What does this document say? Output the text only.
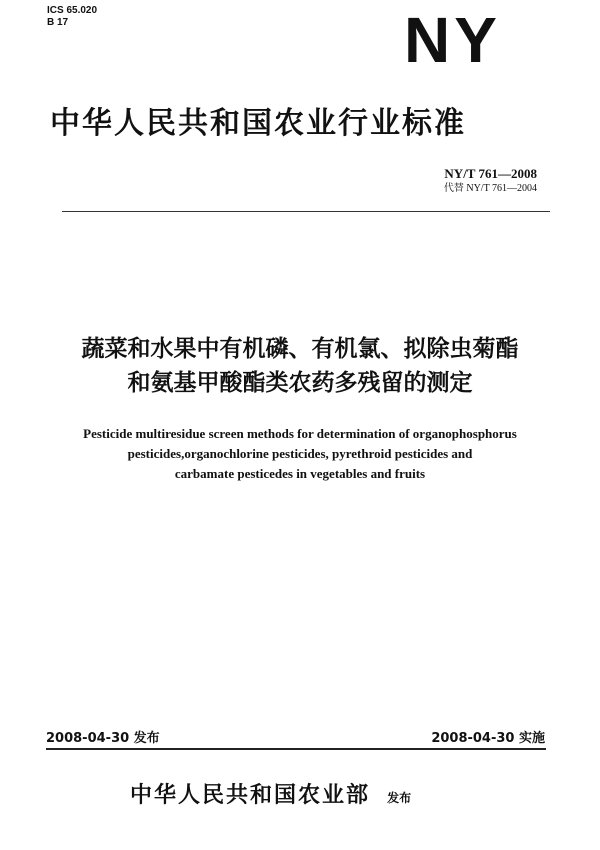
ICS 65.020
B 17	NY
中华人民共和国农业行业标准
NY/T 761—2008
代替 NY/T 761—2004
蔬菜和水果中有机磷、有机氯、拟除虫菊酯
和氨基甲酸酯类农药多残留的测定
Pesticide multiresidue screen methods for determination of organophosphorus
pesticides,organochlorine pesticides, pyrethroid pesticides and
carbamate pesticedes in vegetables and fruits
2008-04-30 发布	2008-04-30 实施
中华人民共和国农业部 发布
